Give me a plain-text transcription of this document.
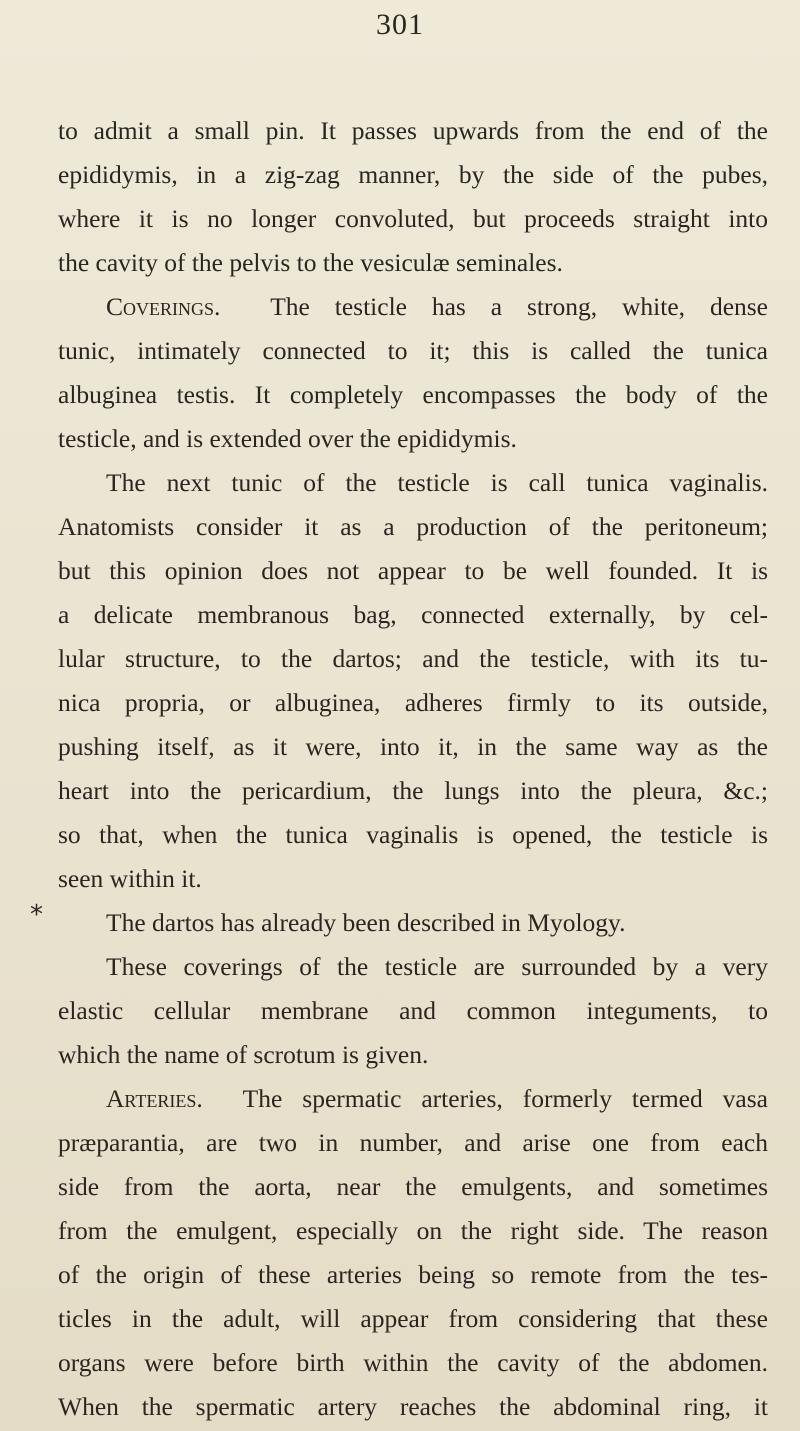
301
to admit a small pin. It passes upwards from the end of the
epididymis, in a zig-zag manner, by the side of the pubes,
where it is no longer convoluted, but proceeds straight into
the cavity of the pelvis to the vesiculæ seminales.
Coverings. The testicle has a strong, white, dense
tunic, intimately connected to it; this is called the tunica
albuginea testis. It completely encompasses the body of the
testicle, and is extended over the epididymis.
The next tunic of the testicle is call tunica vaginalis.
Anatomists consider it as a production of the peritoneum;
but this opinion does not appear to be well founded. It is
a delicate membranous bag, connected externally, by cel-
lular structure, to the dartos; and the testicle, with its tu-
nica propria, or albuginea, adheres firmly to its outside,
pushing itself, as it were, into it, in the same way as the
heart into the pericardium, the lungs into the pleura, &c.;
so that, when the tunica vaginalis is opened, the testicle is
seen within it.
* The dartos has already been described in Myology.
These coverings of the testicle are surrounded by a very
elastic cellular membrane and common integuments, to
which the name of scrotum is given.
Arteries. The spermatic arteries, formerly termed vasa
præparantia, are two in number, and arise one from each
side from the aorta, near the emulgents, and sometimes
from the emulgent, especially on the right side. The reason
of the origin of these arteries being so remote from the tes-
ticles in the adult, will appear from considering that these
organs were before birth within the cavity of the abdomen.
When the spermatic artery reaches the abdominal ring, it
